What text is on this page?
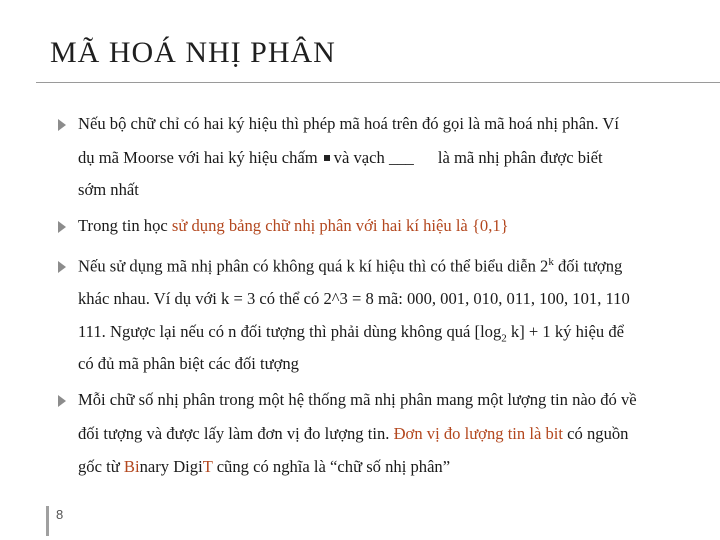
MÃ HOÁ NHỊ PHÂN
Nếu bộ chữ chỉ có hai ký hiệu thì phép mã hoá trên đó gọi là mã hoá nhị phân. Ví
dụ mã Moorse với hai ký hiệu chấm và vạch ___ là mã nhị phân được biết
sớm nhất
Trong tin học sử dụng bảng chữ nhị phân với hai kí hiệu là {0,1}
Nếu sử dụng mã nhị phân có không quá k kí hiệu thì có thể biểu diễn 2$^k$ đối tượng
khác nhau. Ví dụ với k = 3 có thể có 2^3 = 8 mã: 000, 001, 010, 011, 100, 101, 110
111. Ngược lại nếu có n đối tượng thì phải dùng không quá [$\log_2$ k] + 1 ký hiệu để
có đủ mã phân biệt các đối tượng
Mỗi chữ số nhị phân trong một hệ thống mã nhị phân mang một lượng tin nào đó về
đối tượng và được lấy làm đơn vị đo lượng tin. Đơn vị đo lượng tin là bit có nguồn
gốc từ Binary DigiT cũng có nghĩa là “chữ số nhị phân”
8
